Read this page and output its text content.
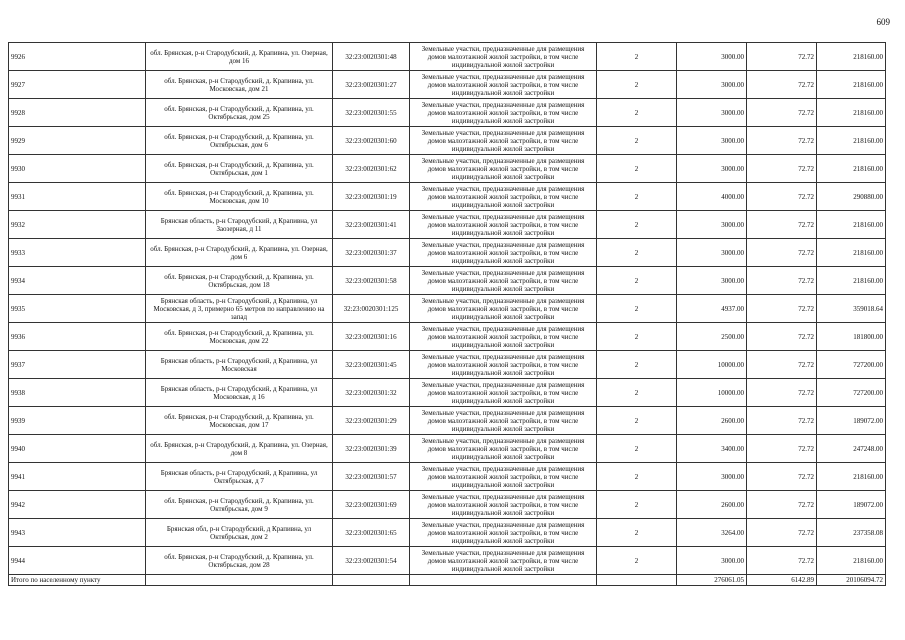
609
9926	обл. Брянская, р-н Стародубский, д. Крапивна, ул. Озерная, дом 16	32:23:0020301:48	Земельные участки, предназначенные для размещения домов малоэтажной жилой застройки, в том числе индивидуальной жилой застройки	2	3000.00	72.72	218160.00
9927	обл. Брянская, р-н Стародубский, д. Крапивна, ул. Московская, дом 21	32:23:0020301:27	Земельные участки, предназначенные для размещения домов малоэтажной жилой застройки, в том числе индивидуальной жилой застройки	2	3000.00	72.72	218160.00
9928	обл. Брянская, р-н Стародубский, д. Крапивна, ул. Октябрьская, дом 25	32:23:0020301:55	Земельные участки, предназначенные для размещения домов малоэтажной жилой застройки, в том числе индивидуальной жилой застройки	2	3000.00	72.72	218160.00
9929	обл. Брянская, р-н Стародубский, д. Крапивна, ул. Октябрьская, дом 6	32:23:0020301:60	Земельные участки, предназначенные для размещения домов малоэтажной жилой застройки, в том числе индивидуальной жилой застройки	2	3000.00	72.72	218160.00
9930	обл. Брянская, р-н Стародубский, д. Крапивна, ул. Октябрьская, дом 1	32:23:0020301:62	Земельные участки, предназначенные для размещения домов малоэтажной жилой застройки, в том числе индивидуальной жилой застройки	2	3000.00	72.72	218160.00
9931	обл. Брянская, р-н Стародубский, д. Крапивна, ул. Московская, дом 10	32:23:0020301:19	Земельные участки, предназначенные для размещения домов малоэтажной жилой застройки, в том числе индивидуальной жилой застройки	2	4000.00	72.72	290880.00
9932	Брянская область, р-н Стародубский, д Крапивна, ул Заозерная, д 11	32:23:0020301:41	Земельные участки, предназначенные для размещения домов малоэтажной жилой застройки, в том числе индивидуальной жилой застройки	2	3000.00	72.72	218160.00
9933	обл. Брянская, р-н Стародубский, д. Крапивна, ул. Озерная, дом 6	32:23:0020301:37	Земельные участки, предназначенные для размещения домов малоэтажной жилой застройки, в том числе индивидуальной жилой застройки	2	3000.00	72.72	218160.00
9934	обл. Брянская, р-н Стародубский, д. Крапивна, ул. Октябрьская, дом 18	32:23:0020301:58	Земельные участки, предназначенные для размещения домов малоэтажной жилой застройки, в том числе индивидуальной жилой застройки	2	3000.00	72.72	218160.00
9935	Брянская область, р-н Стародубский, д Крапивна, ул Московская, д 3, примерно 65 метров по направлению на запад	32:23:0020301:125	Земельные участки, предназначенные для размещения домов малоэтажной жилой застройки, в том числе индивидуальной жилой застройки	2	4937.00	72.72	359018.64
9936	обл. Брянская, р-н Стародубский, д. Крапивна, ул. Московская, дом 22	32:23:0020301:16	Земельные участки, предназначенные для размещения домов малоэтажной жилой застройки, в том числе индивидуальной жилой застройки	2	2500.00	72.72	181800.00
9937	Брянская область, р-н Стародубский, д Крапивна, ул Московская	32:23:0020301:45	Земельные участки, предназначенные для размещения домов малоэтажной жилой застройки, в том числе индивидуальной жилой застройки	2	10000.00	72.72	727200.00
9938	Брянская область, р-н Стародубский, д Крапивна, ул Московская, д 16	32:23:0020301:32	Земельные участки, предназначенные для размещения домов малоэтажной жилой застройки, в том числе индивидуальной жилой застройки	2	10000.00	72.72	727200.00
9939	обл. Брянская, р-н Стародубский, д. Крапивна, ул. Московская, дом 17	32:23:0020301:29	Земельные участки, предназначенные для размещения домов малоэтажной жилой застройки, в том числе индивидуальной жилой застройки	2	2600.00	72.72	189072.00
9940	обл. Брянская, р-н Стародубский, д. Крапивна, ул. Озерная, дом 8	32:23:0020301:39	Земельные участки, предназначенные для размещения домов малоэтажной жилой застройки, в том числе индивидуальной жилой застройки	2	3400.00	72.72	247248.00
9941	Брянская область, р-н Стародубский, д Крапивна, ул Октябрьская, д 7	32:23:0020301:57	Земельные участки, предназначенные для размещения домов малоэтажной жилой застройки, в том числе индивидуальной жилой застройки	2	3000.00	72.72	218160.00
9942	обл. Брянская, р-н Стародубский, д. Крапивна, ул. Октябрьская, дом 9	32:23:0020301:69	Земельные участки, предназначенные для размещения домов малоэтажной жилой застройки, в том числе индивидуальной жилой застройки	2	2600.00	72.72	189072.00
9943	Брянская обл, р-н Стародубский, д Крапивна, ул Октябрьская, дом 2	32:23:0020301:65	Земельные участки, предназначенные для размещения домов малоэтажной жилой застройки, в том числе индивидуальной жилой застройки	2	3264.00	72.72	237358.08
9944	обл. Брянская, р-н Стародубский, д. Крапивна, ул. Октябрьская, дом 28	32:23:0020301:54	Земельные участки, предназначенные для размещения домов малоэтажной жилой застройки, в том числе индивидуальной жилой застройки	2	3000.00	72.72	218160.00
Итого по населенному пункту					276061.05	6142.89	20106094.72
